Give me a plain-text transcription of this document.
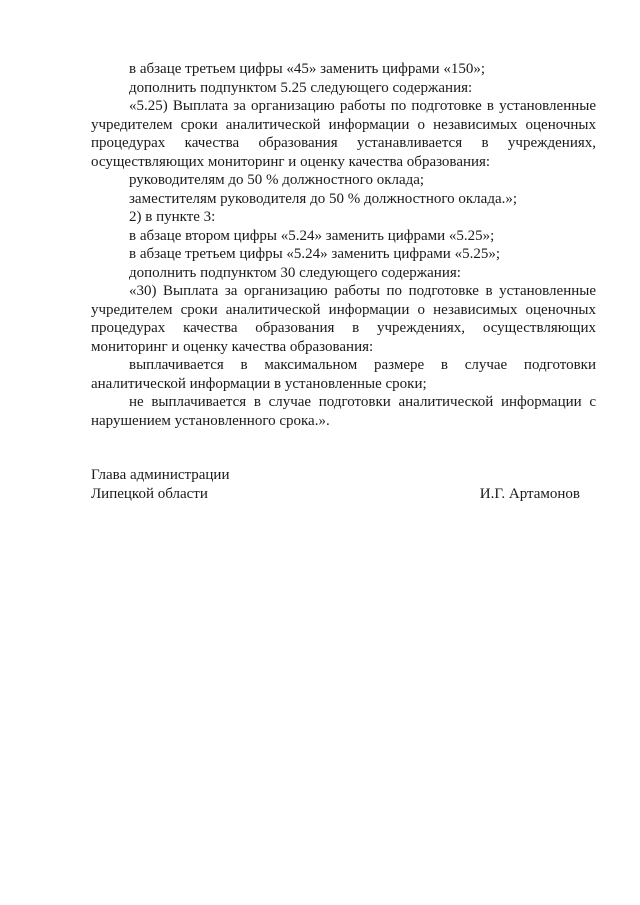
в абзаце третьем цифры «45» заменить цифрами «150»;

дополнить подпунктом 5.25 следующего содержания:

«5.25) Выплата за организацию работы по подготовке в установленные учредителем сроки аналитической информации о независимых оценочных процедурах качества образования устанавливается в учреждениях, осуществляющих мониторинг и оценку качества образования:

руководителям до 50 % должностного оклада;

заместителям руководителя до 50 % должностного оклада.»;

2) в пункте 3:

в абзаце втором цифры «5.24» заменить цифрами «5.25»;

в абзаце третьем цифры «5.24» заменить цифрами «5.25»;

дополнить подпунктом 30 следующего содержания:

«30) Выплата за организацию работы по подготовке в установленные учредителем сроки аналитической информации о независимых оценочных процедурах качества образования в учреждениях, осуществляющих мониторинг и оценку качества образования:

выплачивается в максимальном размере в случае подготовки аналитической информации в установленные сроки;

не выплачивается в случае подготовки аналитической информации с нарушением установленного срока.».

Глава администрации
Липецкой области	И.Г. Артамонов
